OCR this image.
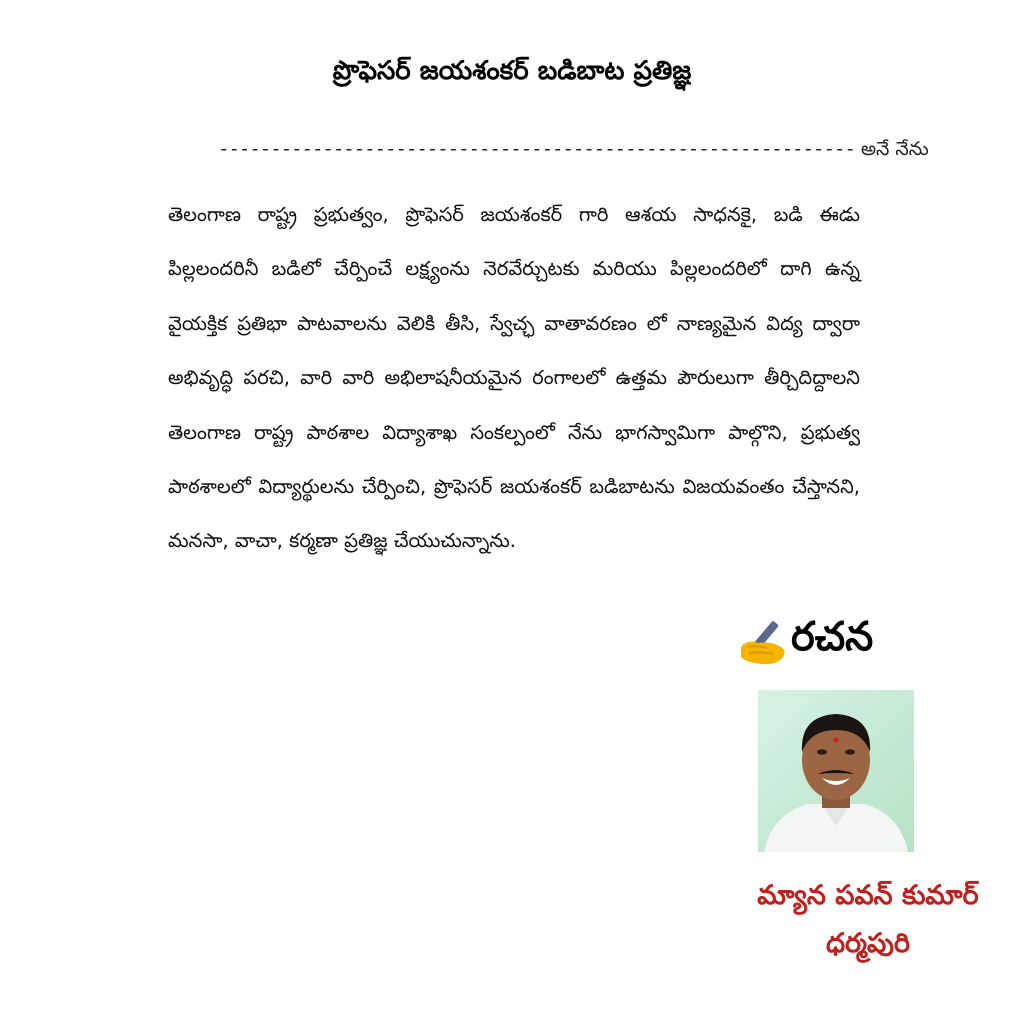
ప్రొఫెసర్ జయశంకర్ బడిబాట ప్రతిజ్ఞ
------------------------------------------------------------- అనే నేను
తెలంగాణ రాష్ట్ర ప్రభుత్వం, ప్రొఫెసర్ జయశంకర్ గారి ఆశయ సాధనకై, బడి ఈడు పిల్లలందరినీ బడిలో చేర్పించే లక్ష్యంను నెరవేర్చుటకు మరియు పిల్లలందరిలో దాగి ఉన్న వైయక్తిక ప్రతిభా పాటవాలను వెలికి తీసి, స్వేచ్ఛ వాతావరణం లో నాణ్యమైన విద్య ద్వారా అభివృద్ధి పరచి, వారి వారి అభిలాషనీయమైన రంగాలలో ఉత్తమ పౌరులుగా తీర్చిదిద్దాలని తెలంగాణ రాష్ట్ర పాఠశాల విద్యాశాఖ సంకల్పంలో నేను భాగస్వామిగా పాల్గొని, ప్రభుత్వ పాఠశాలలో విద్యార్థులను చేర్పించి, ప్రొఫెసర్ జయశంకర్ బడిబాటను విజయవంతం చేస్తానని, మనసా, వాచా, కర్మణా ప్రతిజ్ఞ చేయుచున్నాను.
రచన
మ్యాన పవన్ కుమార్
ధర్మపురి
